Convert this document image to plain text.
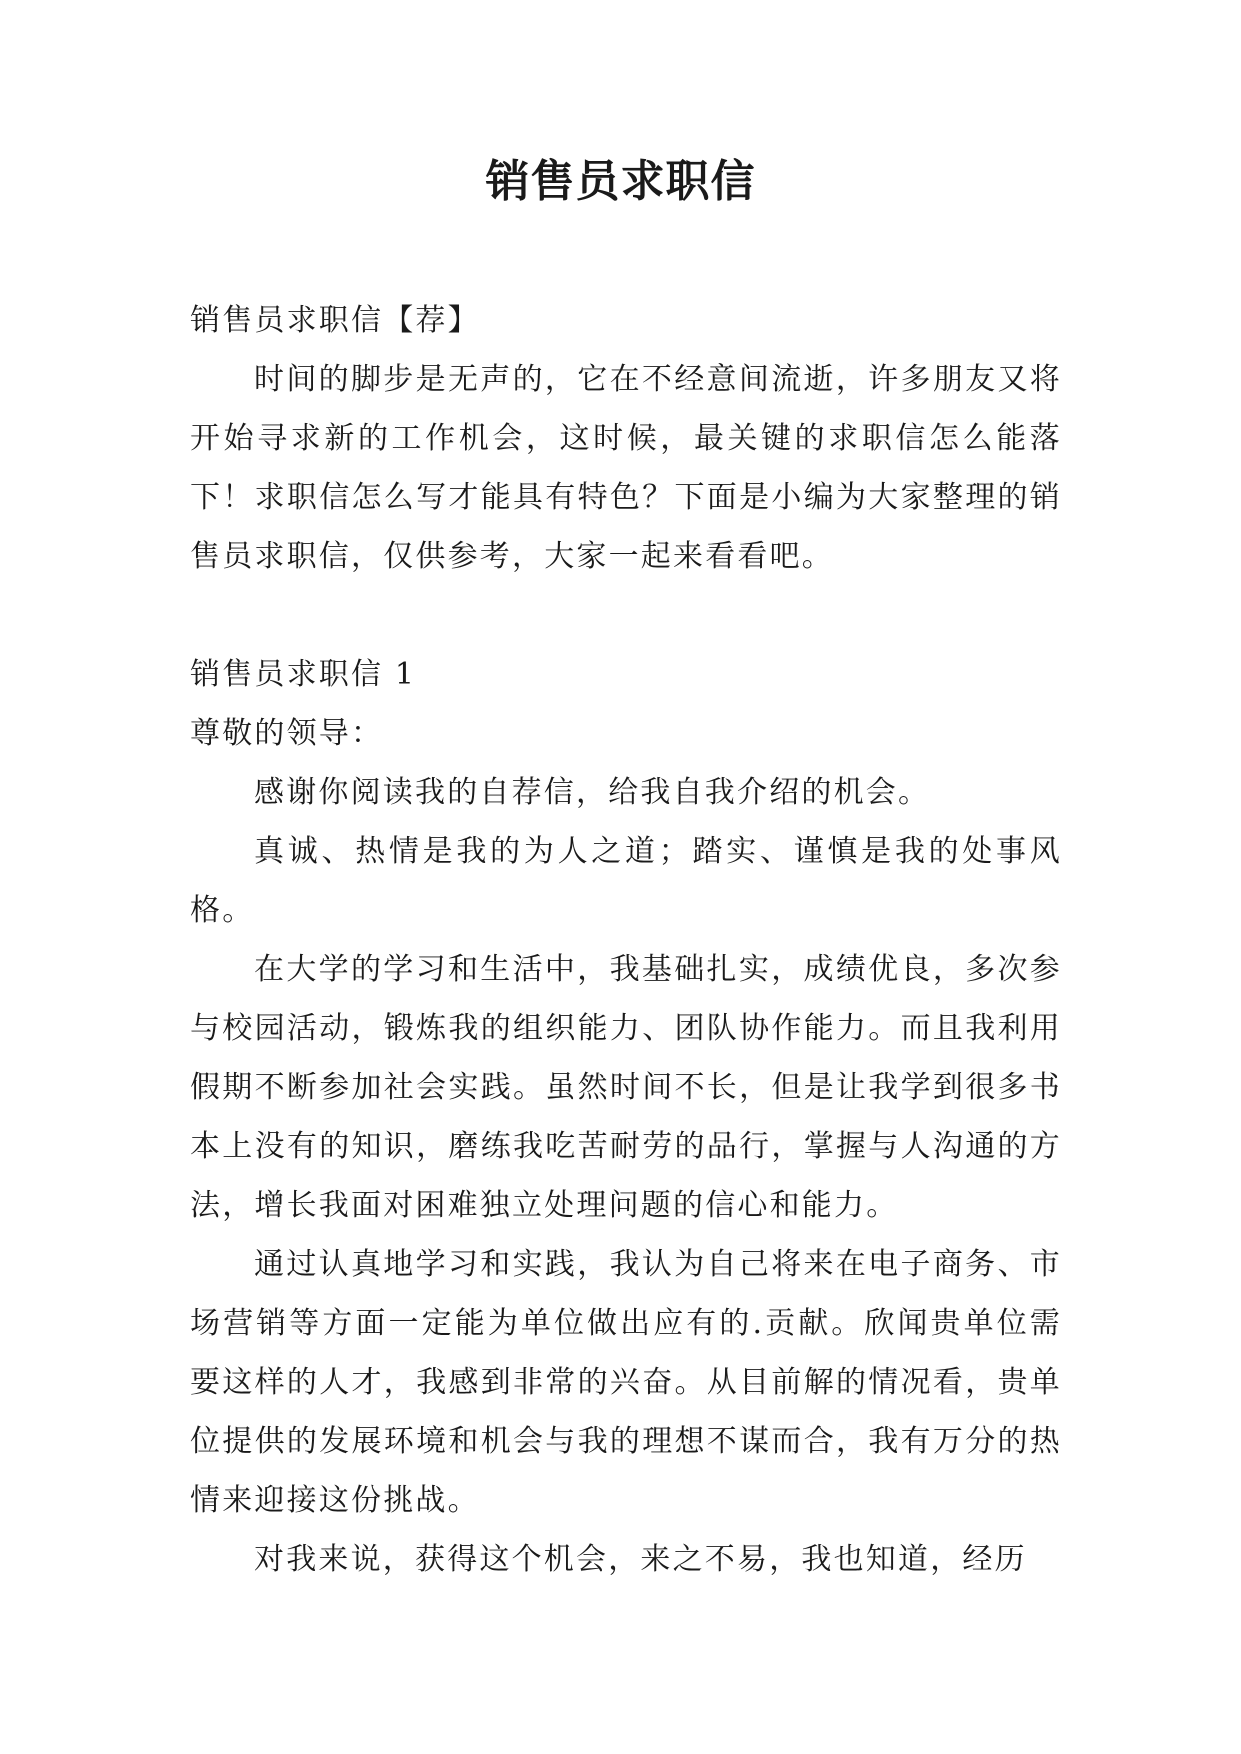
销售员求职信

销售员求职信【荐】

时间的脚步是无声的，它在不经意间流逝，许多朋友又将开始寻求新的工作机会，这时候，最关键的求职信怎么能落下！求职信怎么写才能具有特色？下面是小编为大家整理的销售员求职信，仅供参考，大家一起来看看吧。

销售员求职信 1

尊敬的领导：

感谢你阅读我的自荐信，给我自我介绍的机会。

真诚、热情是我的为人之道；踏实、谨慎是我的处事风格。

在大学的学习和生活中，我基础扎实，成绩优良，多次参与校园活动，锻炼我的组织能力、团队协作能力。而且我利用假期不断参加社会实践。虽然时间不长，但是让我学到很多书本上没有的知识，磨练我吃苦耐劳的品行，掌握与人沟通的方法，增长我面对困难独立处理问题的信心和能力。

通过认真地学习和实践，我认为自己将来在电子商务、市场营销等方面一定能为单位做出应有的.贡献。欣闻贵单位需要这样的人才，我感到非常的兴奋。从目前解的情况看，贵单位提供的发展环境和机会与我的理想不谋而合，我有万分的热情来迎接这份挑战。

对我来说，获得这个机会，来之不易，我也知道，经历
